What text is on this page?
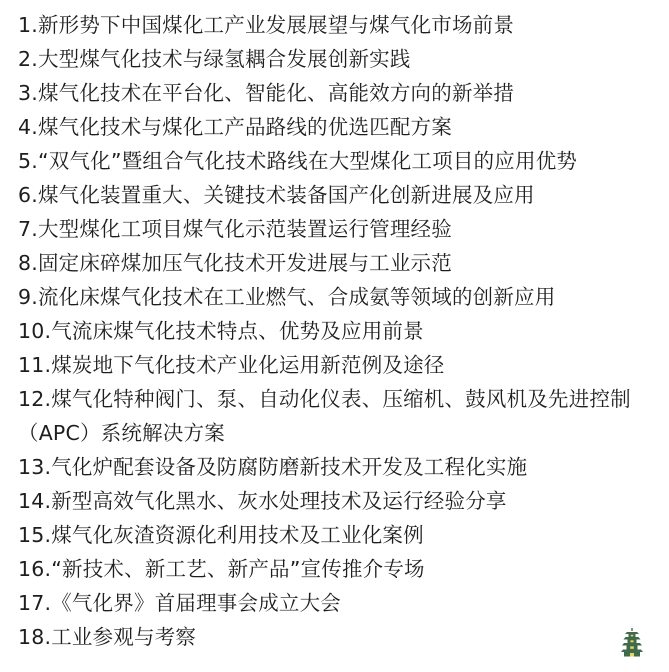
1.新形势下中国煤化工产业发展展望与煤气化市场前景
2.大型煤气化技术与绿氢耦合发展创新实践
3.煤气化技术在平台化、智能化、高能效方向的新举措
4.煤气化技术与煤化工产品路线的优选匹配方案
5.“双气化”暨组合气化技术路线在大型煤化工项目的应用优势
6.煤气化装置重大、关键技术装备国产化创新进展及应用
7.大型煤化工项目煤气化示范装置运行管理经验
8.固定床碎煤加压气化技术开发进展与工业示范
9.流化床煤气化技术在工业燃气、合成氨等领域的创新应用
10.气流床煤气化技术特点、优势及应用前景
11.煤炭地下气化技术产业化运用新范例及途径
12.煤气化特种阀门、泵、自动化仪表、压缩机、鼓风机及先进控制（APC）系统解决方案
13.气化炉配套设备及防腐防磨新技术开发及工程化实施
14.新型高效气化黑水、灰水处理技术及运行经验分享
15.煤气化灰渣资源化利用技术及工业化案例
16.“新技术、新工艺、新产品”宣传推介专场
17.《气化界》首届理事会成立大会
18.工业参观与考察
